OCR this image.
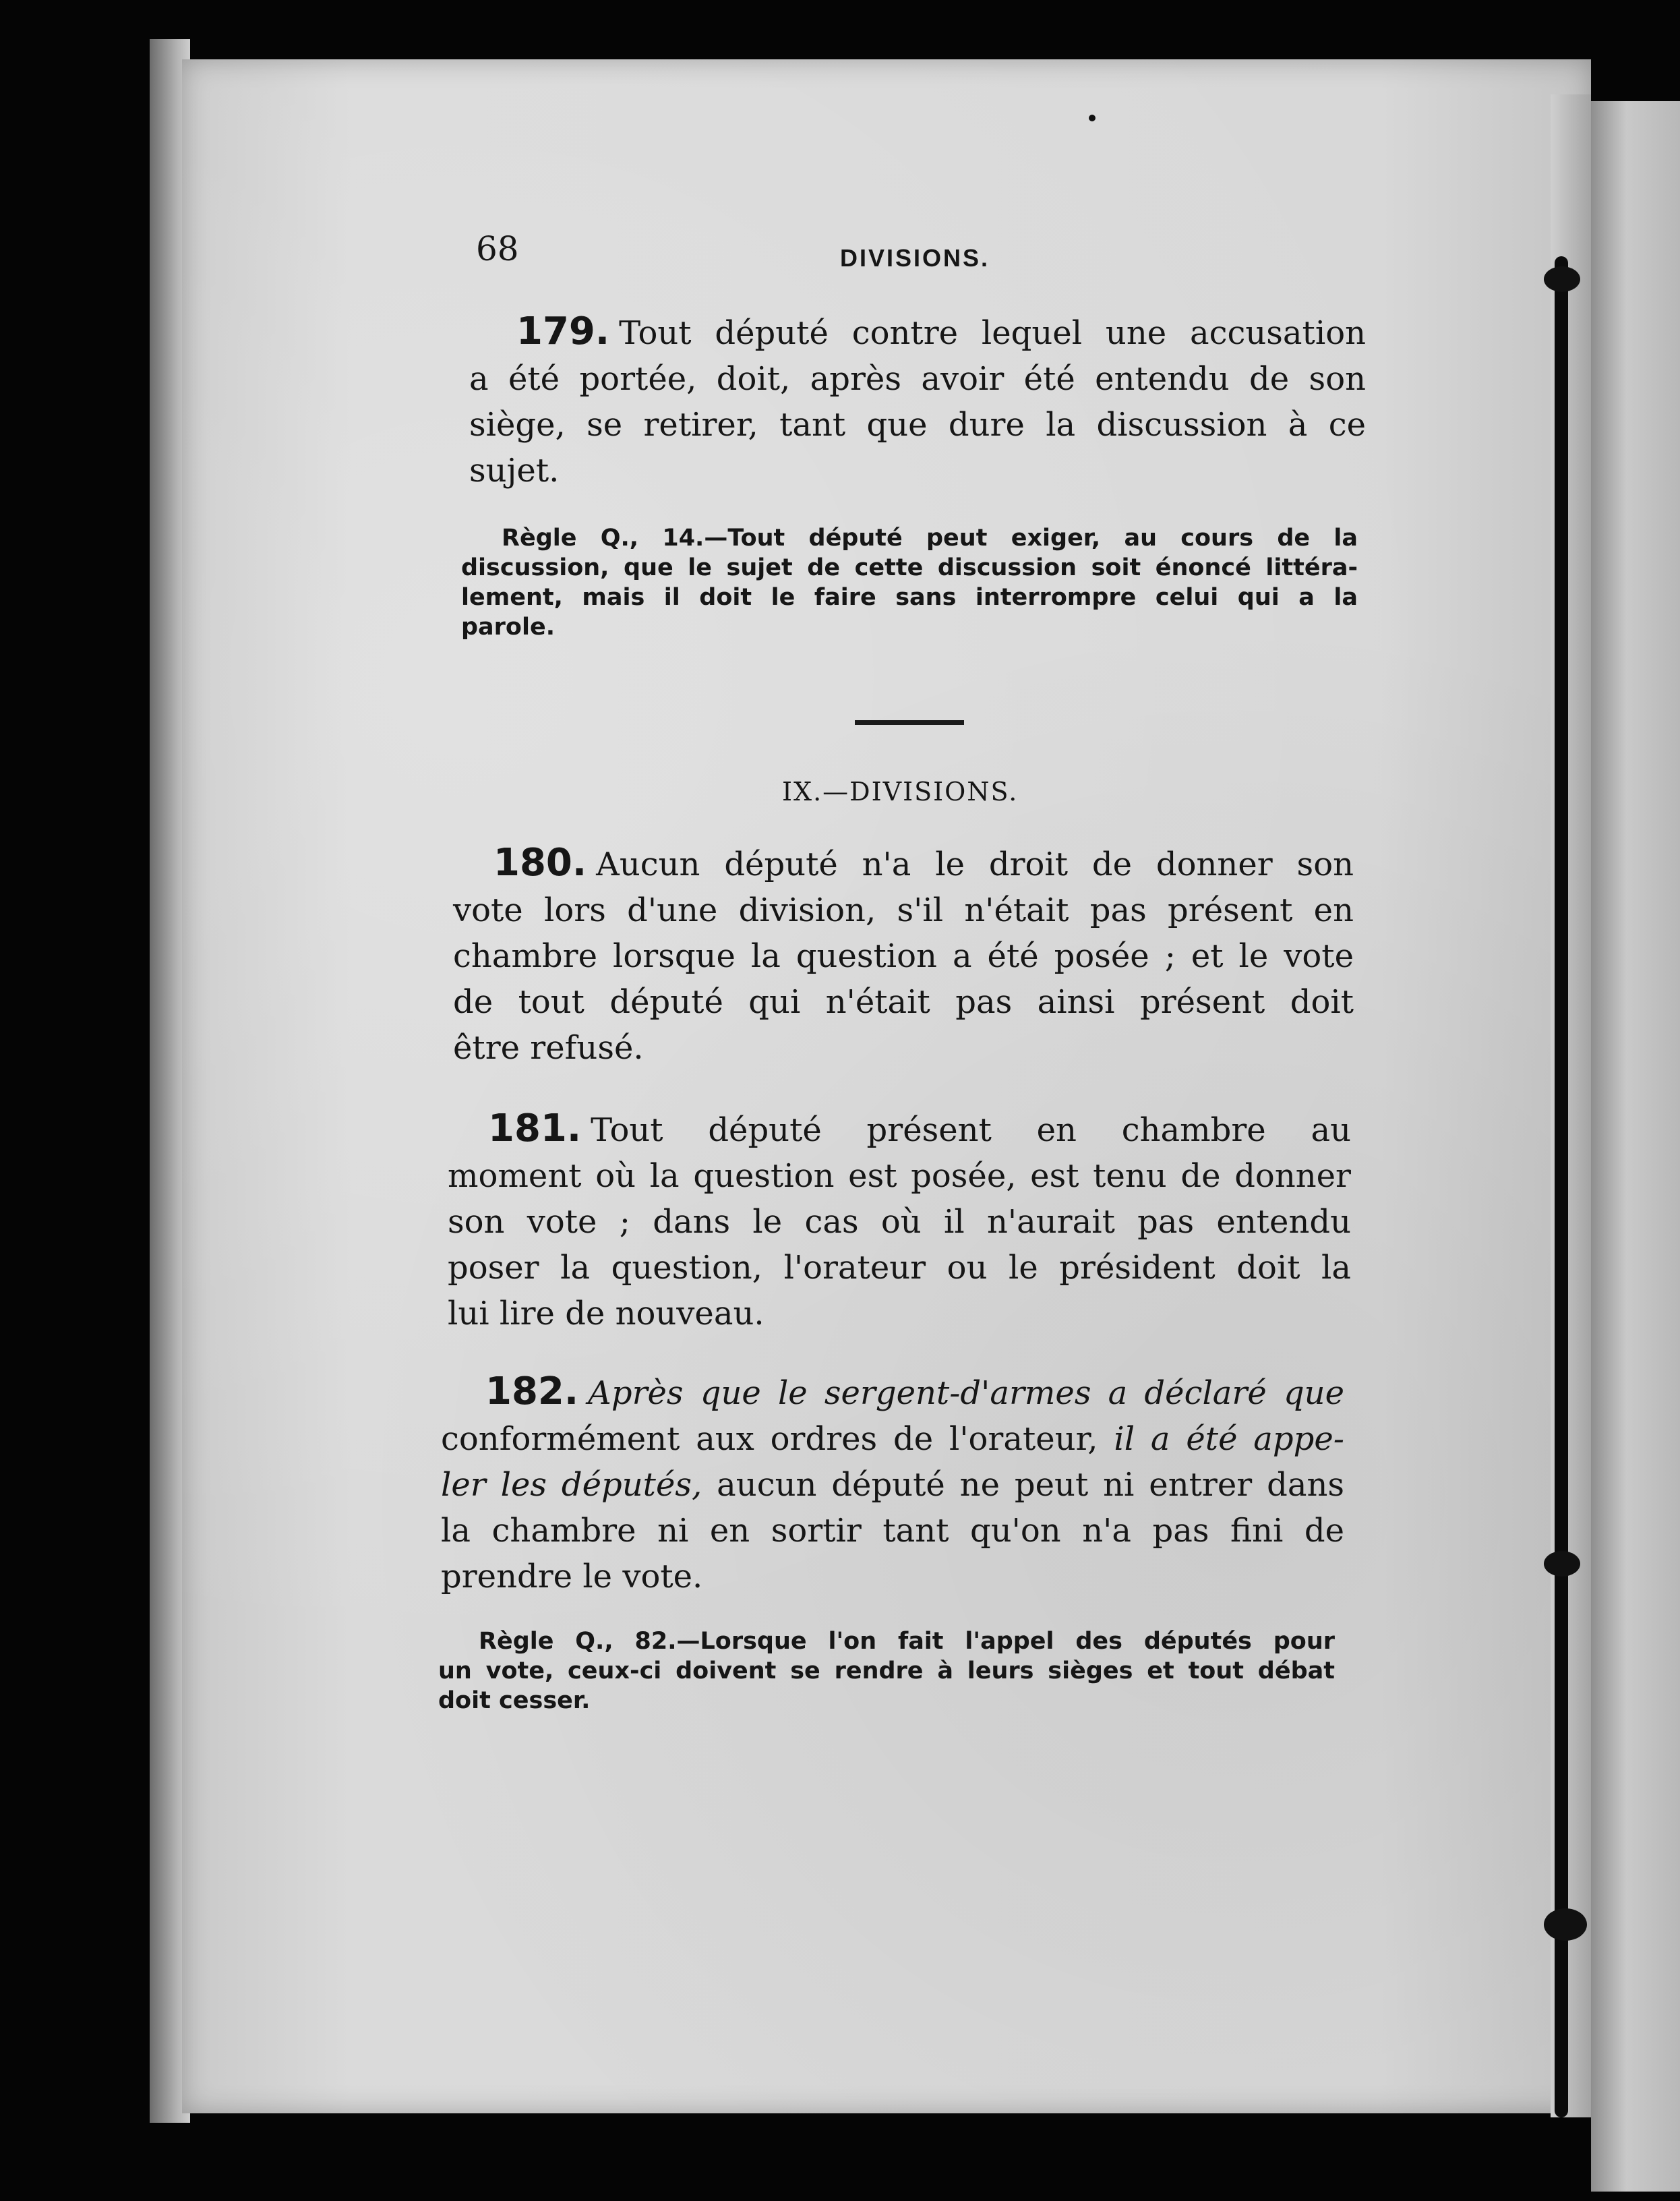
68	DIVISIONS.
179. Tout député contre lequel une accusation
a été portée, doit, après avoir été entendu de son
siège, se retirer, tant que dure la discussion à ce
sujet.
Règle Q., 14.—Tout député peut exiger, au cours de la
discussion, que le sujet de cette discussion soit énoncé littéra-
lement, mais il doit le faire sans interrompre celui qui a la
parole.
IX.—DIVISIONS.
180. Aucun député n'a le droit de donner son
vote lors d'une division, s'il n'était pas présent en
chambre lorsque la question a été posée ; et le vote
de tout député qui n'était pas ainsi présent doit
être refusé.
181. Tout député présent en chambre au
moment où la question est posée, est tenu de donner
son vote ; dans le cas où il n'aurait pas entendu
poser la question, l'orateur ou le président doit la
lui lire de nouveau.
182. Après que le sergent-d'armes a déclaré que
conformément aux ordres de l'orateur, il a été appe-
ler les députés, aucun député ne peut ni entrer dans
la chambre ni en sortir tant qu'on n'a pas fini de
prendre le vote.
Règle Q., 82.—Lorsque l'on fait l'appel des députés pour
un vote, ceux-ci doivent se rendre à leurs sièges et tout débat
doit cesser.
